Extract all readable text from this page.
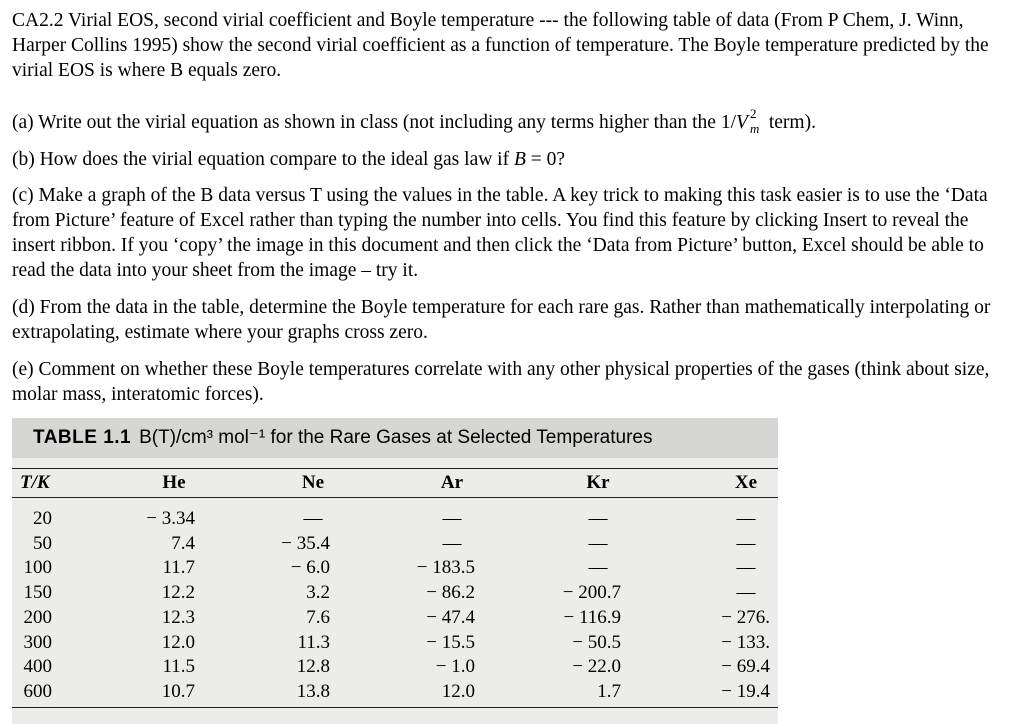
CA2.2 Virial EOS, second virial coefficient and Boyle temperature --- the following table of data (From P Chem, J. Winn, Harper Collins 1995) show the second virial coefficient as a function of temperature. The Boyle temperature predicted by the virial EOS is where B equals zero.

(a) Write out the virial equation as shown in class (not including any terms higher than the 1/V 2
m term).

(b) How does the virial equation compare to the ideal gas law if B = 0?

(c) Make a graph of the B data versus T using the values in the table. A key trick to making this task easier is to use the ‘Data from Picture’ feature of Excel rather than typing the number into cells. You find this feature by clicking Insert to reveal the insert ribbon. If you ‘copy’ the image in this document and then click the ‘Data from Picture’ button, Excel should be able to read the data into your sheet from the image – try it.

(d) From the data in the table, determine the Boyle temperature for each rare gas. Rather than mathematically interpolating or extrapolating, estimate where your graphs cross zero.

(e) Comment on whether these Boyle temperatures correlate with any other physical properties of the gases (think about size, molar mass, interatomic forces).

TABLE 1.1 B(T)/cm³ mol⁻¹ for the Rare Gases at Selected Temperatures
T/K	He	Ne	Ar	Kr	Xe
20	− 3.34	—	—	—	—
50	7.4	− 35.4	—	—	—
100	11.7	− 6.0	− 183.5	—	—
150	12.2	3.2	− 86.2	− 200.7	—
200	12.3	7.6	− 47.4	− 116.9	− 276.
300	12.0	11.3	− 15.5	− 50.5	− 133.
400	11.5	12.8	− 1.0	− 22.0	− 69.4
600	10.7	13.8	12.0	1.7	− 19.4
